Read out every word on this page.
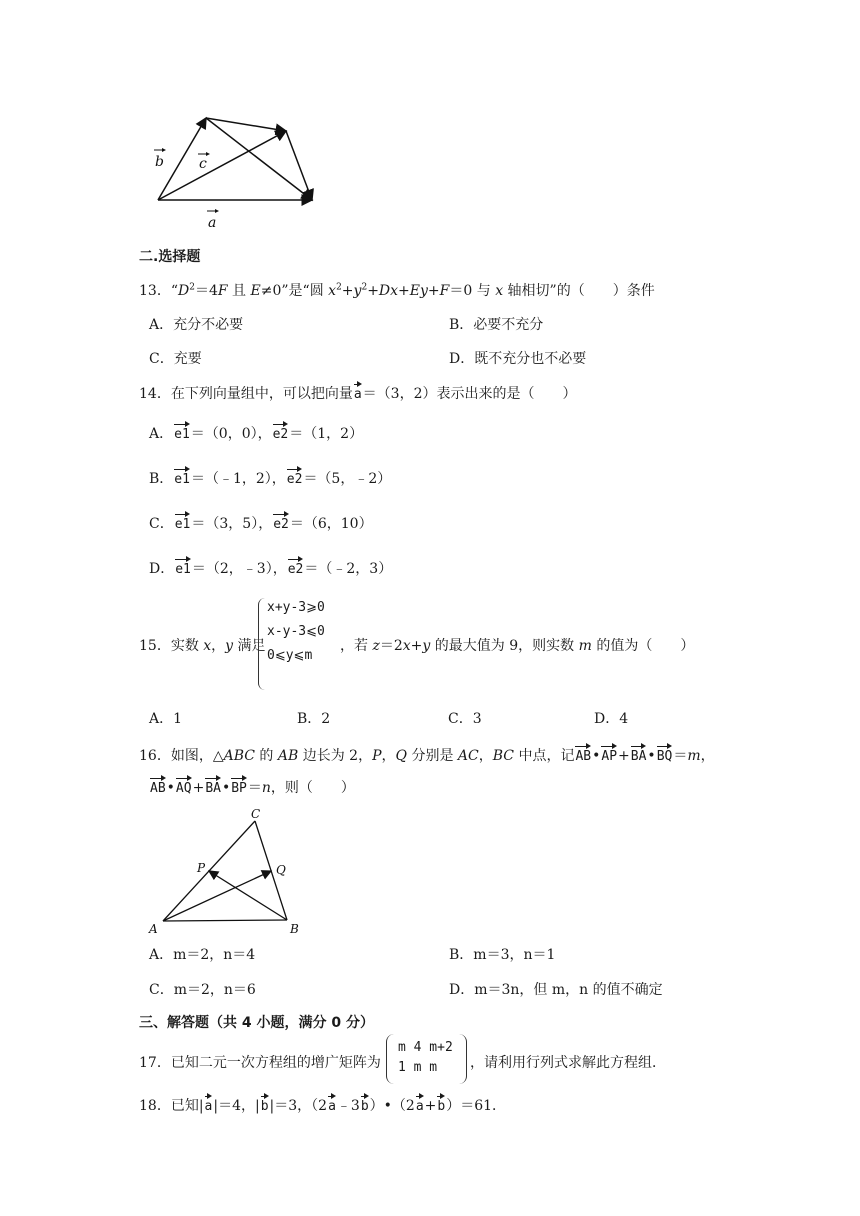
b	c
a
二.选择题
13．“$D^2=4F$ 且 E≠0”是“圆 $x^2+y^2+Dx+Ey+F=0$ 与 x 轴相切”的（　　）条件
A．充分不必要	B．必要不充分
C．充要	D．既不充分也不必要
14．在下列向量组中，可以把向量a＝（3，2）表示出来的是（　　）
A．e1＝（0，0），e2＝（1，2）
B．e1＝（﹣1，2），e2＝（5，﹣2）
C．e1＝（3，5），e2＝（6，10）
D．e1＝（2，﹣3），e2＝（﹣2，3）
15．实数 x，y 满足
x+y-3⩾0
x-y-3⩽0
0⩽y⩽m
，若 z＝2x+y 的最大值为 9，则实数 m 的值为（　　）
A．1	B．2	C．3	D．4
16．如图，△ABC 的 AB 边长为 2，P，Q 分别是 AC，BC 中点，记AB•AP+BA•BQ＝m，
AB•AQ+BA•BP＝n，则（　　）
A	B
C
P	Q
A．m＝2，n＝4	B．m＝3，n＝1
C．m＝2，n＝6	D．m＝3n，但 m，n 的值不确定
三、解答题（共 4 小题，满分 0 分）
17．已知二元一次方程组的增广矩阵为
m 4 m+2
1 m m	，请利用行列式求解此方程组．
18．已知|a|＝4，|b|＝3，（2a﹣3b）•（2a+b）＝61．
